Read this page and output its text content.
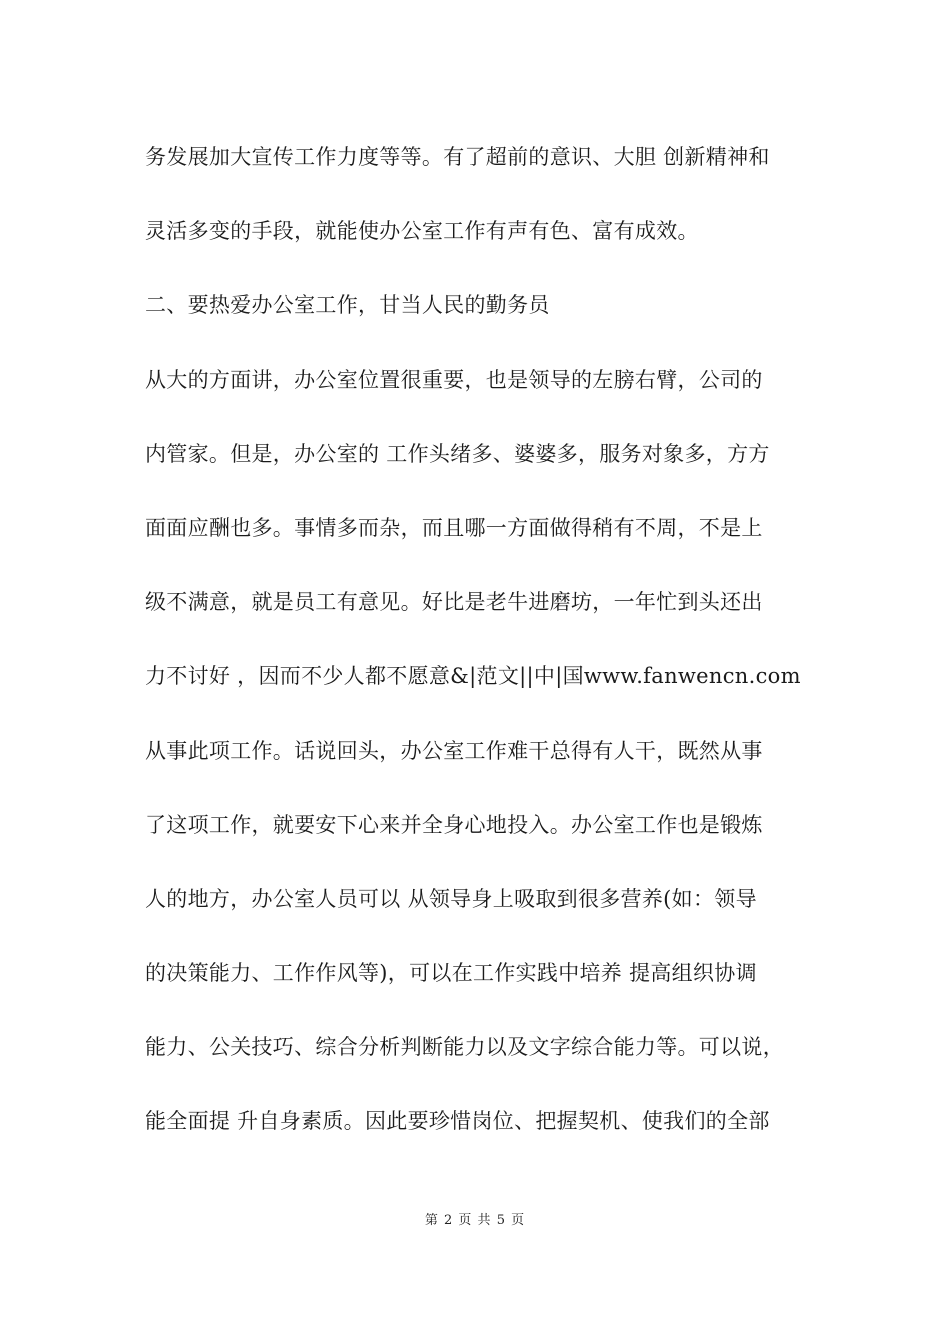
务发展加大宣传工作力度等等。有了超前的意识、大胆 创新精神和
灵活多变的手段，就能使办公室工作有声有色、富有成效。
二、要热爱办公室工作，甘当人民的勤务员
从大的方面讲，办公室位置很重要，也是领导的左膀右臂，公司的
内管家。但是，办公室的 工作头绪多、婆婆多，服务对象多，方方
面面应酬也多。事情多而杂，而且哪一方面做得稍有不周，不是上
级不满意，就是员工有意见。好比是老牛进磨坊，一年忙到头还出
力不讨好 ，因而不少人都不愿意&|范文||中|国www.fanwencn.com
从事此项工作。话说回头，办公室工作难干总得有人干，既然从事
了这项工作，就要安下心来并全身心地投入。办公室工作也是锻炼
人的地方，办公室人员可以 从领导身上吸取到很多营养(如：领导
的决策能力、工作作风等)，可以在工作实践中培养 提高组织协调
能力、公关技巧、综合分析判断能力以及文字综合能力等。可以说，
能全面提 升自身素质。因此要珍惜岗位、把握契机、使我们的全部
第 2 页 共 5 页
